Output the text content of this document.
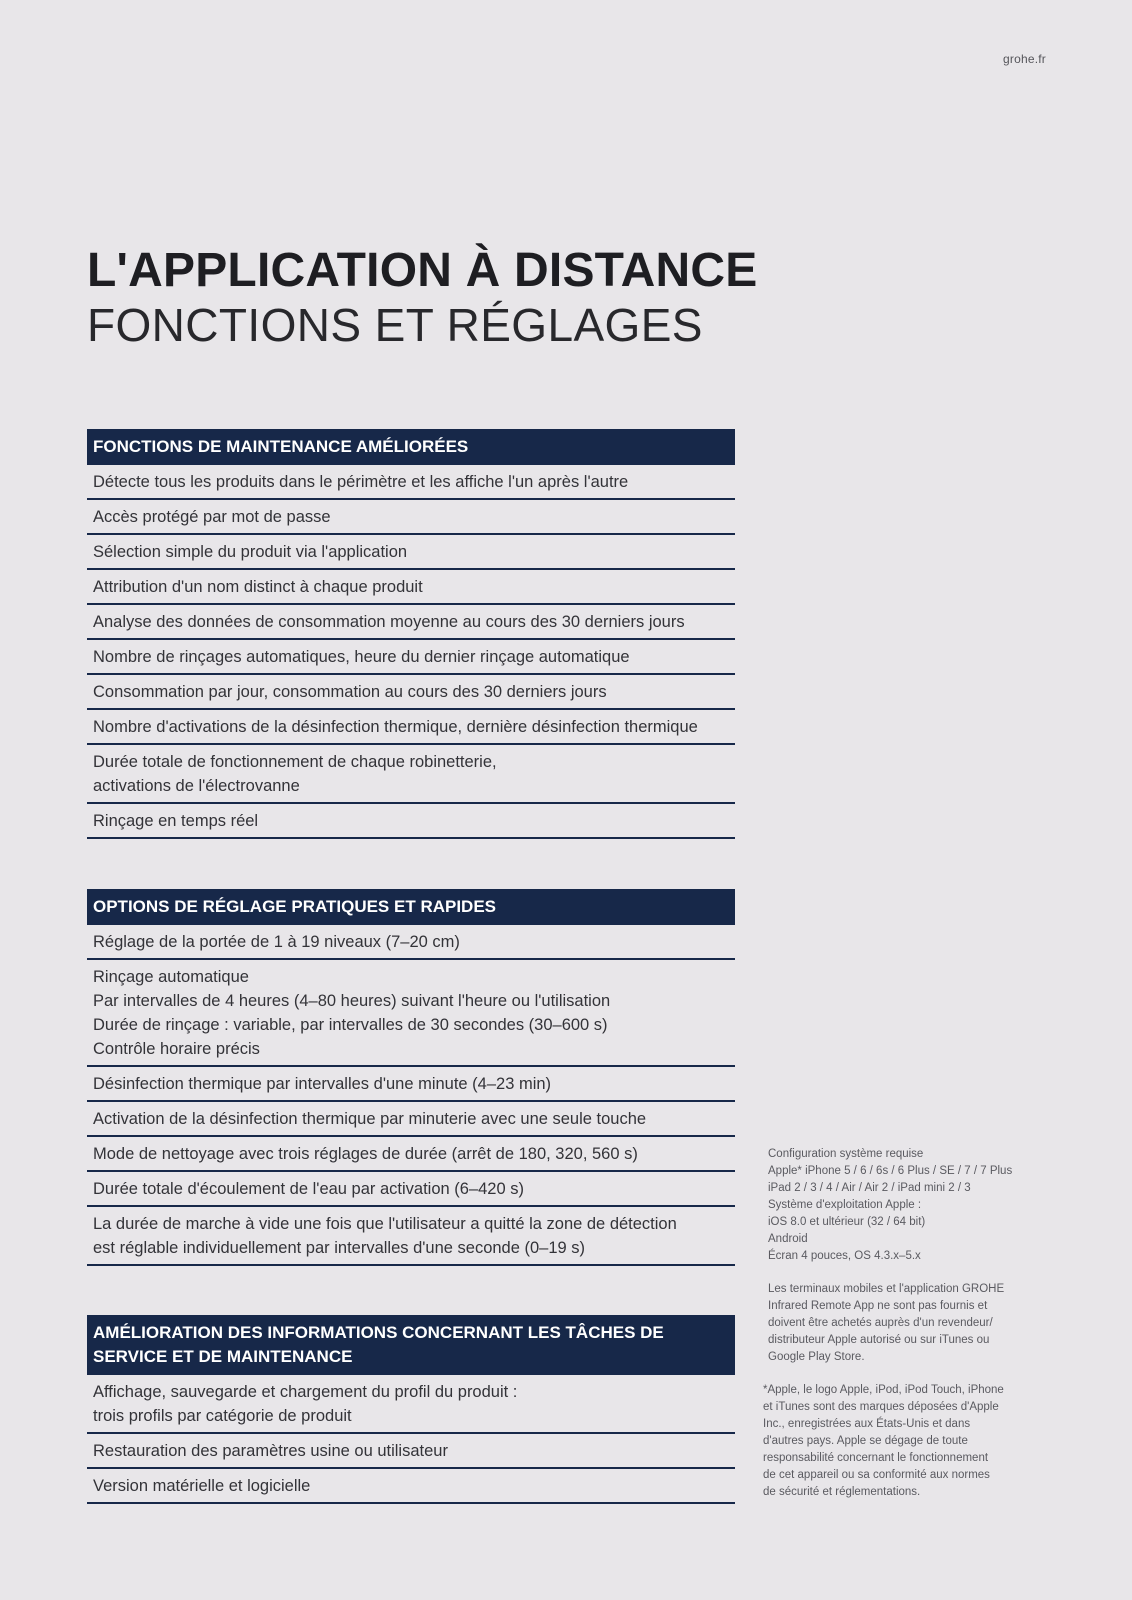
grohe.fr
L'APPLICATION À DISTANCE
FONCTIONS ET RÉGLAGES
FONCTIONS DE MAINTENANCE AMÉLIORÉES
Détecte tous les produits dans le périmètre et les affiche l'un après l'autre
Accès protégé par mot de passe
Sélection simple du produit via l'application
Attribution d'un nom distinct à chaque produit
Analyse des données de consommation moyenne au cours des 30 derniers jours
Nombre de rinçages automatiques, heure du dernier rinçage automatique
Consommation par jour, consommation au cours des 30 derniers jours
Nombre d'activations de la désinfection thermique, dernière désinfection thermique
Durée totale de fonctionnement de chaque robinetterie,
activations de l'électrovanne
Rinçage en temps réel
OPTIONS DE RÉGLAGE PRATIQUES ET RAPIDES
Réglage de la portée de 1 à 19 niveaux (7–20 cm)
Rinçage automatique
Par intervalles de 4 heures (4–80 heures) suivant l'heure ou l'utilisation
Durée de rinçage : variable, par intervalles de 30 secondes (30–600 s)
Contrôle horaire précis
Désinfection thermique par intervalles d'une minute (4–23 min)
Activation de la désinfection thermique par minuterie avec une seule touche
Mode de nettoyage avec trois réglages de durée (arrêt de 180, 320, 560 s)
Durée totale d'écoulement de l'eau par activation (6–420 s)
La durée de marche à vide une fois que l'utilisateur a quitté la zone de détection
est réglable individuellement par intervalles d'une seconde (0–19 s)
AMÉLIORATION DES INFORMATIONS CONCERNANT LES TÂCHES DE
SERVICE ET DE MAINTENANCE
Affichage, sauvegarde et chargement du profil du produit :
trois profils par catégorie de produit
Restauration des paramètres usine ou utilisateur
Version matérielle et logicielle

Configuration système requise
Apple* iPhone 5 / 6 / 6s / 6 Plus / SE / 7 / 7 Plus
iPad 2 / 3 / 4 / Air / Air 2 / iPad mini 2 / 3
Système d'exploitation Apple :
iOS 8.0 et ultérieur (32 / 64 bit)
Android
Écran 4 pouces, OS 4.3.x–5.x

Les terminaux mobiles et l'application GROHE
Infrared Remote App ne sont pas fournis et
doivent être achetés auprès d'un revendeur/
distributeur Apple autorisé ou sur iTunes ou
Google Play Store.

*Apple, le logo Apple, iPod, iPod Touch, iPhone
et iTunes sont des marques déposées d'Apple
Inc., enregistrées aux États-Unis et dans
d'autres pays. Apple se dégage de toute
responsabilité concernant le fonctionnement
de cet appareil ou sa conformité aux normes
de sécurité et réglementations.
